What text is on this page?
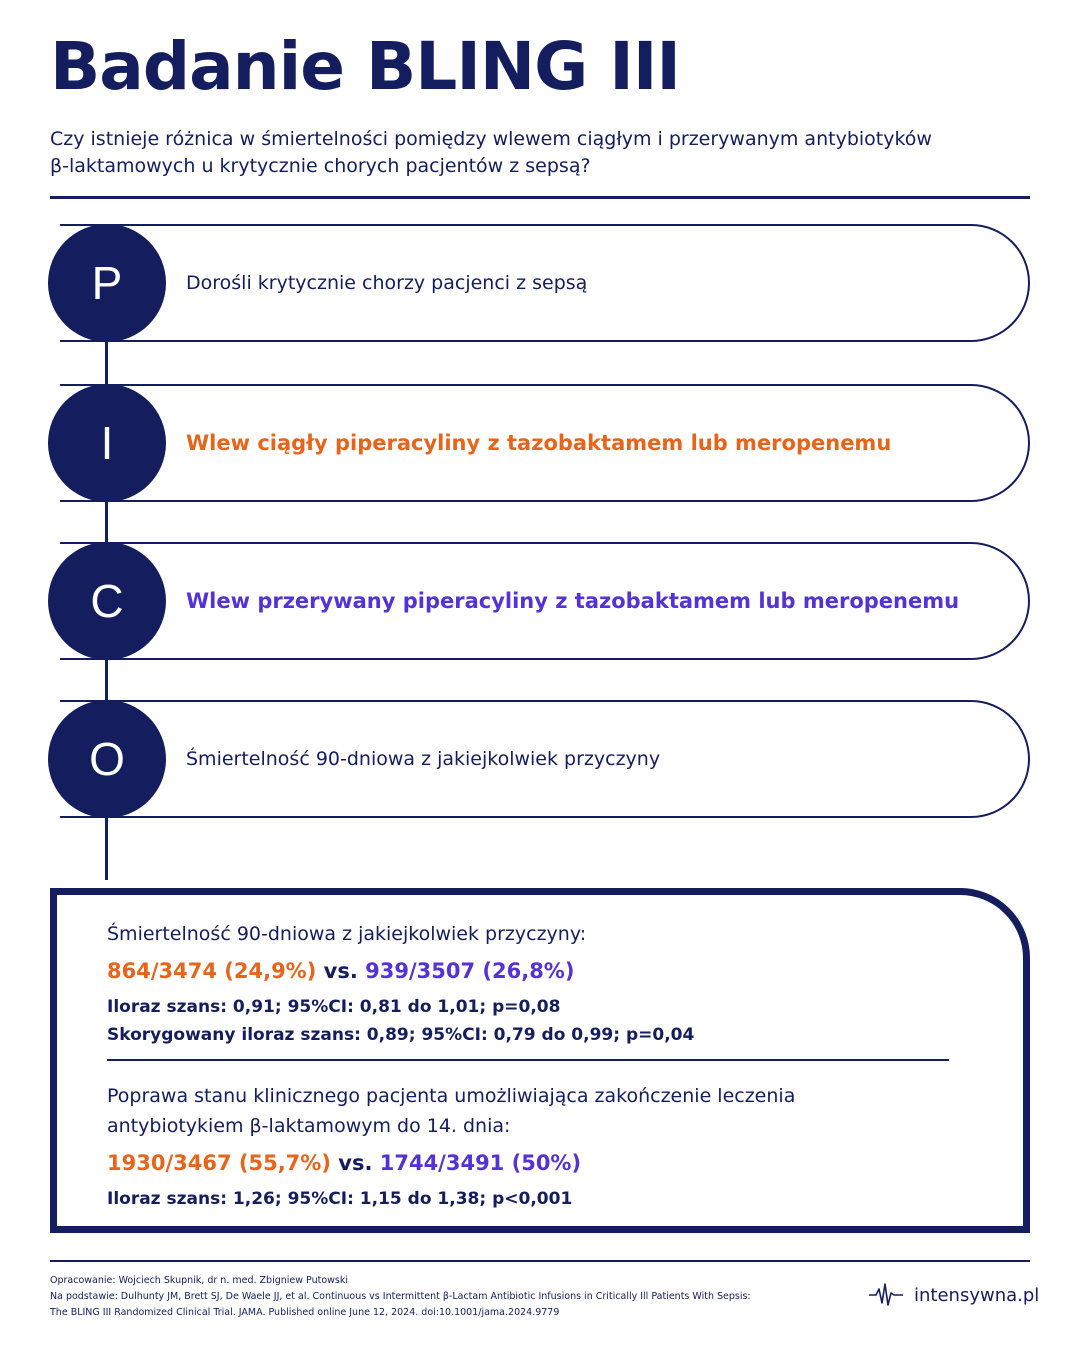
Badanie BLING III
Czy istnieje różnica w śmiertelności pomiędzy wlewem ciągłym i przerywanym antybiotyków β-laktamowych u krytycznie chorych pacjentów z sepsą?
Dorośli krytycznie chorzy pacjenci z sepsą
P
Wlew ciągły piperacyliny z tazobaktamem lub meropenemu
I
Wlew przerywany piperacyliny z tazobaktamem lub meropenemu
C
Śmiertelność 90-dniowa z jakiejkolwiek przyczyny
O
Śmiertelność 90-dniowa z jakiejkolwiek przyczyny:
864/3474 (24,9%) vs. 939/3507 (26,8%)
Iloraz szans: 0,91; 95%CI: 0,81 do 1,01; p=0,08
Skorygowany iloraz szans: 0,89; 95%CI: 0,79 do 0,99; p=0,04
Poprawa stanu klinicznego pacjenta umożliwiająca zakończenie leczenia
antybiotykiem β-laktamowym do 14. dnia:
1930/3467 (55,7%) vs. 1744/3491 (50%)
Iloraz szans: 1,26; 95%CI: 1,15 do 1,38; p<0,001
Opracowanie: Wojciech Skupnik, dr n. med. Zbigniew Putowski
Na podstawie: Dulhunty JM, Brett SJ, De Waele JJ, et al. Continuous vs Intermittent β-Lactam Antibiotic Infusions in Critically Ill Patients With Sepsis:
The BLING III Randomized Clinical Trial. JAMA. Published online June 12, 2024. doi:10.1001/jama.2024.9779
intensywna.pl
